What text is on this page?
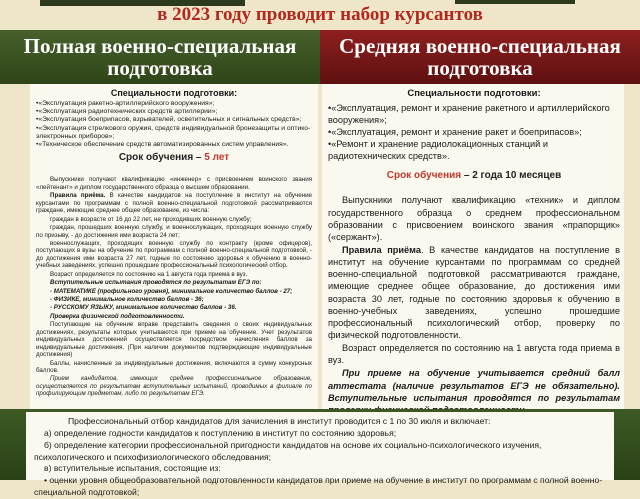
в 2023 году проводит набор курсантов
Полная военно-специальная
подготовка
Средняя военно-специальная
подготовка
Специальности подготовки:
•«Эксплуатация ракетно-артиллерийского вооружения»;
•«Эксплуатация радиотехнических средств артиллерии»;
•«Эксплуатация боеприпасов, взрывателей, осветительных и сигнальных средств»;
•«Эксплуатация стрелкового оружия, средств индивидуальной бронезащиты и оптико-электронных приборов»;
•«Техническое обеспечение средств автоматизированных систем управления».
Срок обучения – 5 лет
Выпускники получают квалификацию «инженер» с присвоением воинского звания «лейтенант» и диплом государственного образца о высшем образовании.
Правила приёма. В качестве кандидатов на поступление в институт на обучение курсантами по программам с полной военно-специальной подготовкой рассматриваются граждане, имеющие среднее общее образование, из числа:
граждан в возрасте от 16 до 22 лет, не проходивших военную службу;
граждан, прошедших военную службу, и военнослужащих, проходящих военную службу по призыву, - до достижения ими возраста 24 лет;
военнослужащих, проходящих военную службу по контракту (кроме офицеров), поступающих в вузы на обучение по программам с полной военно-специальной подготовкой, - до достижения ими возраста 27 лет, годные по состоянию здоровья к обучению в военно-учебных заведениях, успешно прошедшие профессиональный психологический отбор.
Возраст определяется по состоянию на 1 августа года приема в вуз.
Вступительные испытания проводятся по результатам ЕГЭ по:
- МАТЕМАТИКЕ (профильного уровня), минимальное количество баллов - 27;
- ФИЗИКЕ, минимальное количество баллов - 36;
- РУССКОМУ ЯЗЫКУ, минимальное количество баллов - 36.
Проверка физической подготовленности.
Поступающие на обучение вправе представить сведения о своих индивидуальных достижениях, результаты которых учитываются при приеме на обучение. Учет результатов индивидуальных достижений осуществляется посредством начисления баллов за индивидуальные достижения. (При наличии документов подтверждающие индивидуальные достижения)
Баллы, начисленные за индивидуальные достижения, включаются в сумму конкурсных баллов.
Прием кандидатов, имеющих среднее профессиональное образование, осуществляется по результатам вступительных испытаний, проводимых в филиале по профилирующим предметам, либо по результатам ЕГЭ.
Специальности подготовки:
•«Эксплуатация, ремонт и хранение ракетного и артиллерийского вооружения»;
•«Эксплуатация, ремонт и хранение ракет и боеприпасов»;
•«Ремонт и хранение радиолокационных станций и радиотехнических средств».
Срок обучения – 2 года 10 месяцев
Выпускники получают квалификацию «техник» и диплом государственного образца о среднем профессиональном образовании с присвоением воинского звания «прапорщик» («сержант»).
Правила приёма. В качестве кандидатов на поступление в институт на обучение курсантами по программам со средней военно-специальной подготовкой рассматриваются граждане, имеющие среднее общее образование, до достижения ими возраста 30 лет, годные по состоянию здоровья к обучению в военно-учебных заведениях, успешно прошедшие профессиональный психологический отбор, проверку по физической подготовленности.
Возраст определяется по состоянию на 1 августа года приема в вуз.
При приеме на обучение учитывается средний балл аттестата (наличие результатов ЕГЭ не обязательно). Вступительные испытания проводятся по результатам
Профессиональный отбор кандидатов для зачисления в институт проводится с 1 по 30 июля и включает:
а) определение годности кандидатов к поступлению в институт по состоянию здоровья;
б) определение категории профессиональной пригодности кандидатов на основе их социально-психологического изучения, психологического и психофизиологического обследования;
в) вступительные испытания, состоящие из:
• оценки уровня общеобразовательной подготовленности кандидатов при приеме на обучение в институт по программам с полной военно-специальной подготовкой;
